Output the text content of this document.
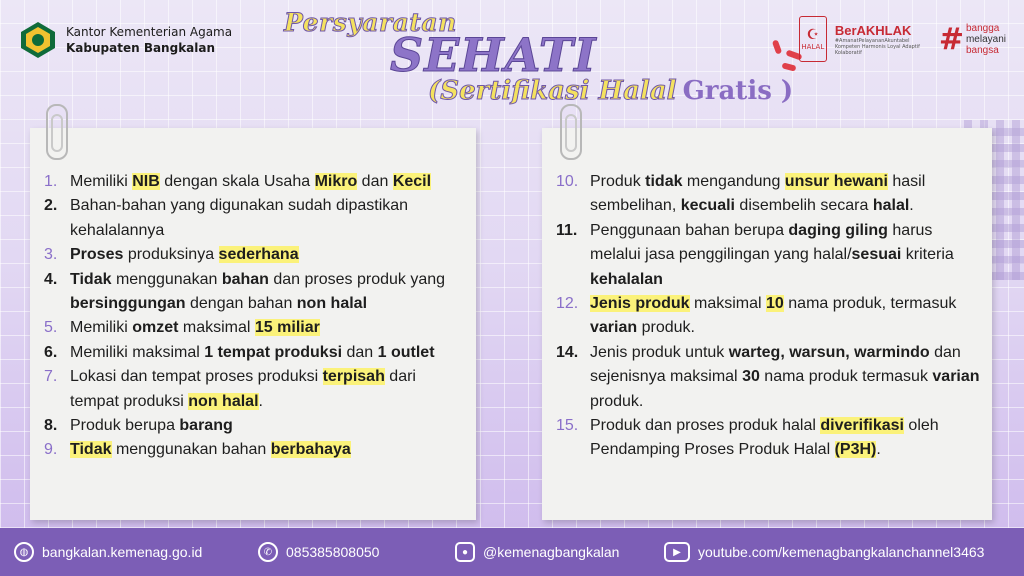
Kantor Kementerian Agama
Kabupaten Bangkalan
Persyaratan
SEHATI
(Sertifikasi Halal Gratis )
☪
HALAL
BerAKHLAK
#AmanatPelayananAkuntabel Kompeten Harmonis Loyal Adaptif Kolaboratif	# bangga
melayani
bangsa
1. Memiliki NIB dengan skala Usaha Mikro dan Kecil
2. Bahan-bahan yang digunakan sudah dipastikan kehalalannya
3. Proses produksinya sederhana
4. Tidak menggunakan bahan dan proses produk yang bersinggungan dengan bahan non halal
5. Memiliki omzet maksimal 15 miliar
6. Memiliki maksimal 1 tempat produksi dan 1 outlet
7. Lokasi dan tempat proses produksi terpisah dari tempat produksi non halal.
8. Produk berupa barang
9. Tidak menggunakan bahan berbahaya
10. Produk tidak mengandung unsur hewani hasil sembelihan, kecuali disembelih secara halal.
11. Penggunaan bahan berupa daging giling harus melalui jasa penggilingan yang halal/sesuai kriteria kehalalan
12. Jenis produk maksimal 10 nama produk, termasuk varian produk.
14. Jenis produk untuk warteg, warsun, warmindo dan sejenisnya maksimal 30 nama produk termasuk varian produk.
15. Produk dan proses produk halal diverifikasi oleh Pendamping Proses Produk Halal (P3H).
◍ bangkalan.kemenag.go.id	✆ 085385808050	●	@kemenagbangkalan	▶	youtube.com/kemenagbangkalanchannel3463
